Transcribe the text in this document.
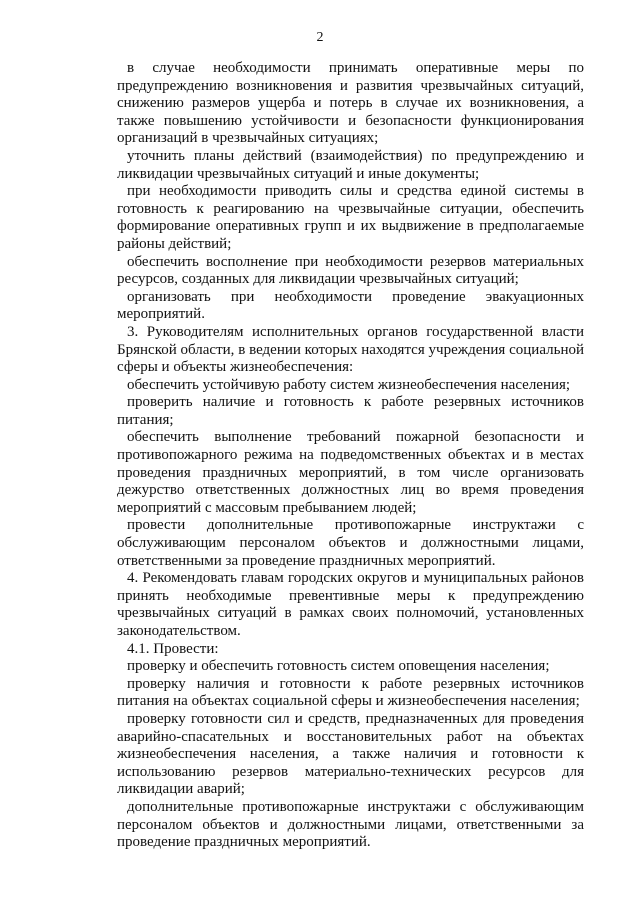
2

в случае необходимости принимать оперативные меры по предупреждению возникновения и развития чрезвычайных ситуаций, снижению размеров ущерба и потерь в случае их возникновения, а также повышению устойчивости и безопасности функционирования организаций в чрезвычайных ситуациях;

уточнить планы действий (взаимодействия) по предупреждению и ликвидации чрезвычайных ситуаций и иные документы;

при необходимости приводить силы и средства единой системы в готовность к реагированию на чрезвычайные ситуации, обеспечить формирование оперативных групп и их выдвижение в предполагаемые районы действий;

обеспечить восполнение при необходимости резервов материальных ресурсов, созданных для ликвидации чрезвычайных ситуаций;

организовать при необходимости проведение эвакуационных мероприятий.

3. Руководителям исполнительных органов государственной власти Брянской области, в ведении которых находятся учреждения социальной сферы и объекты жизнеобеспечения:

обеспечить устойчивую работу систем жизнеобеспечения населения;

проверить наличие и готовность к работе резервных источников питания;

обеспечить выполнение требований пожарной безопасности и противопожарного режима на подведомственных объектах и в местах проведения праздничных мероприятий, в том числе организовать дежурство ответственных должностных лиц во время проведения мероприятий с массовым пребыванием людей;

провести дополнительные противопожарные инструктажи с обслуживающим персоналом объектов и должностными лицами, ответственными за проведение праздничных мероприятий.

4. Рекомендовать главам городских округов и муниципальных районов принять необходимые превентивные меры к предупреждению чрезвычайных ситуаций в рамках своих полномочий, установленных законодательством.

4.1. Провести:

проверку и обеспечить готовность систем оповещения населения;

проверку наличия и готовности к работе резервных источников питания на объектах социальной сферы и жизнеобеспечения населения;

проверку готовности сил и средств, предназначенных для проведения аварийно-спасательных и восстановительных работ на объектах жизнеобеспечения населения, а также наличия и готовности к использованию резервов материально-технических ресурсов для ликвидации аварий;

дополнительные противопожарные инструктажи с обслуживающим персоналом объектов и должностными лицами, ответственными за проведение праздничных мероприятий.
